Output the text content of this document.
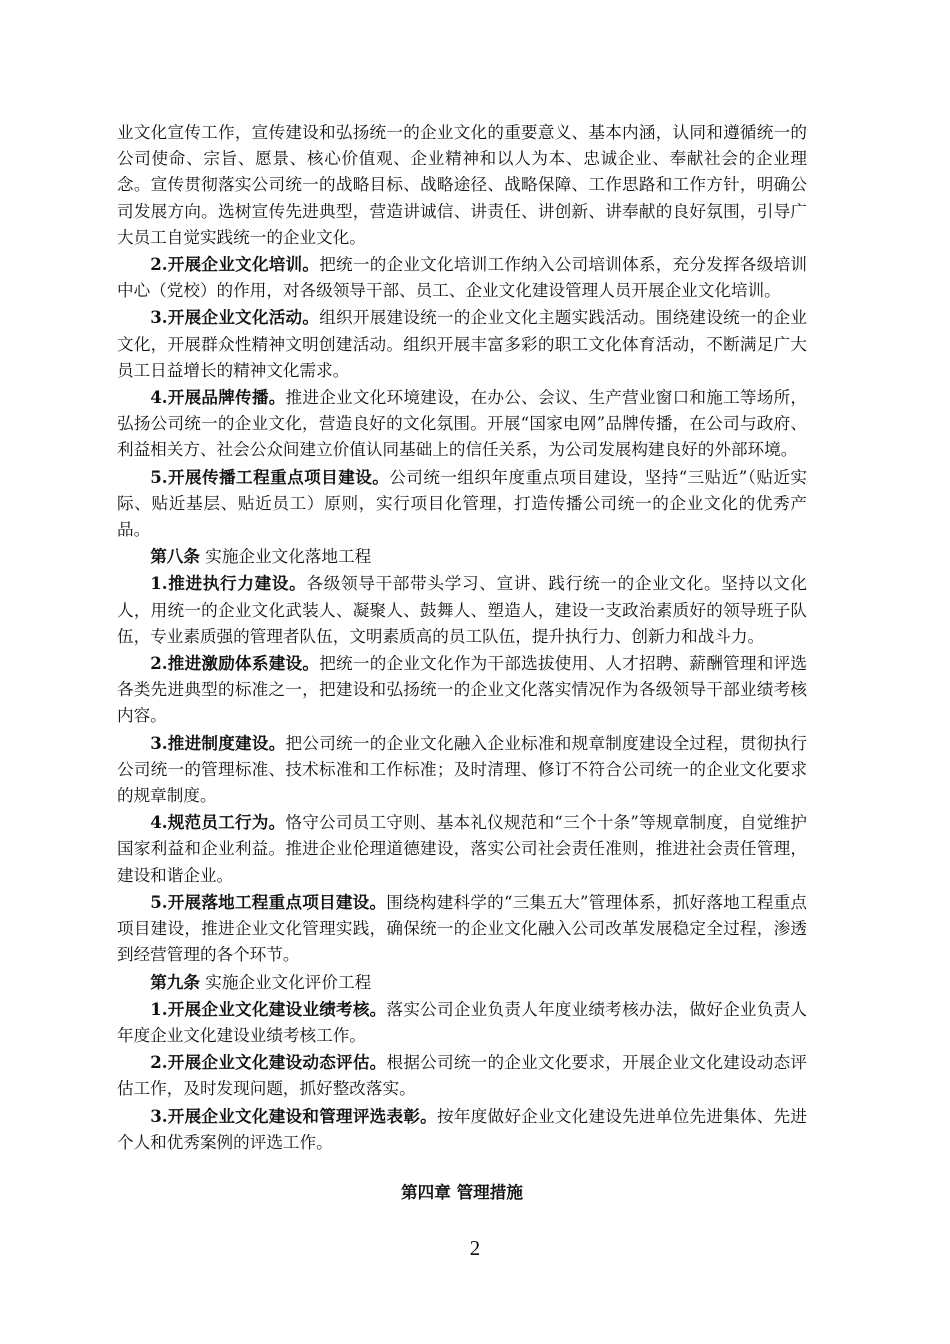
业文化宣传工作，宣传建设和弘扬统一的企业文化的重要意义、基本内涵，认同和遵循统一的公司使命、宗旨、愿景、核心价值观、企业精神和以人为本、忠诚企业、奉献社会的企业理念。宣传贯彻落实公司统一的战略目标、战略途径、战略保障、工作思路和工作方针，明确公司发展方向。选树宣传先进典型，营造讲诚信、讲责任、讲创新、讲奉献的良好氛围，引导广大员工自觉实践统一的企业文化。

2.开展企业文化培训。把统一的企业文化培训工作纳入公司培训体系，充分发挥各级培训中心（党校）的作用，对各级领导干部、员工、企业文化建设管理人员开展企业文化培训。

3.开展企业文化活动。组织开展建设统一的企业文化主题实践活动。围绕建设统一的企业文化，开展群众性精神文明创建活动。组织开展丰富多彩的职工文化体育活动，不断满足广大员工日益增长的精神文化需求。

4.开展品牌传播。推进企业文化环境建设，在办公、会议、生产营业窗口和施工等场所，弘扬公司统一的企业文化，营造良好的文化氛围。开展“国家电网”品牌传播，在公司与政府、利益相关方、社会公众间建立价值认同基础上的信任关系，为公司发展构建良好的外部环境。

5.开展传播工程重点项目建设。公司统一组织年度重点项目建设，坚持“三贴近”（贴近实际、贴近基层、贴近员工）原则，实行项目化管理，打造传播公司统一的企业文化的优秀产品。

第八条 实施企业文化落地工程

1.推进执行力建设。各级领导干部带头学习、宣讲、践行统一的企业文化。坚持以文化人，用统一的企业文化武装人、凝聚人、鼓舞人、塑造人，建设一支政治素质好的领导班子队伍，专业素质强的管理者队伍，文明素质高的员工队伍，提升执行力、创新力和战斗力。

2.推进激励体系建设。把统一的企业文化作为干部选拔使用、人才招聘、薪酬管理和评选各类先进典型的标准之一，把建设和弘扬统一的企业文化落实情况作为各级领导干部业绩考核内容。

3.推进制度建设。把公司统一的企业文化融入企业标准和规章制度建设全过程，贯彻执行公司统一的管理标准、技术标准和工作标准；及时清理、修订不符合公司统一的企业文化要求的规章制度。

4.规范员工行为。恪守公司员工守则、基本礼仪规范和“三个十条”等规章制度，自觉维护国家利益和企业利益。推进企业伦理道德建设，落实公司社会责任准则，推进社会责任管理，建设和谐企业。

5.开展落地工程重点项目建设。围绕构建科学的“三集五大”管理体系，抓好落地工程重点项目建设，推进企业文化管理实践，确保统一的企业文化融入公司改革发展稳定全过程，渗透到经营管理的各个环节。

第九条 实施企业文化评价工程

1.开展企业文化建设业绩考核。落实公司企业负责人年度业绩考核办法，做好企业负责人年度企业文化建设业绩考核工作。

2.开展企业文化建设动态评估。根据公司统一的企业文化要求，开展企业文化建设动态评估工作，及时发现问题，抓好整改落实。

3.开展企业文化建设和管理评选表彰。按年度做好企业文化建设先进单位先进集体、先进个人和优秀案例的评选工作。

第四章 管理措施

2
